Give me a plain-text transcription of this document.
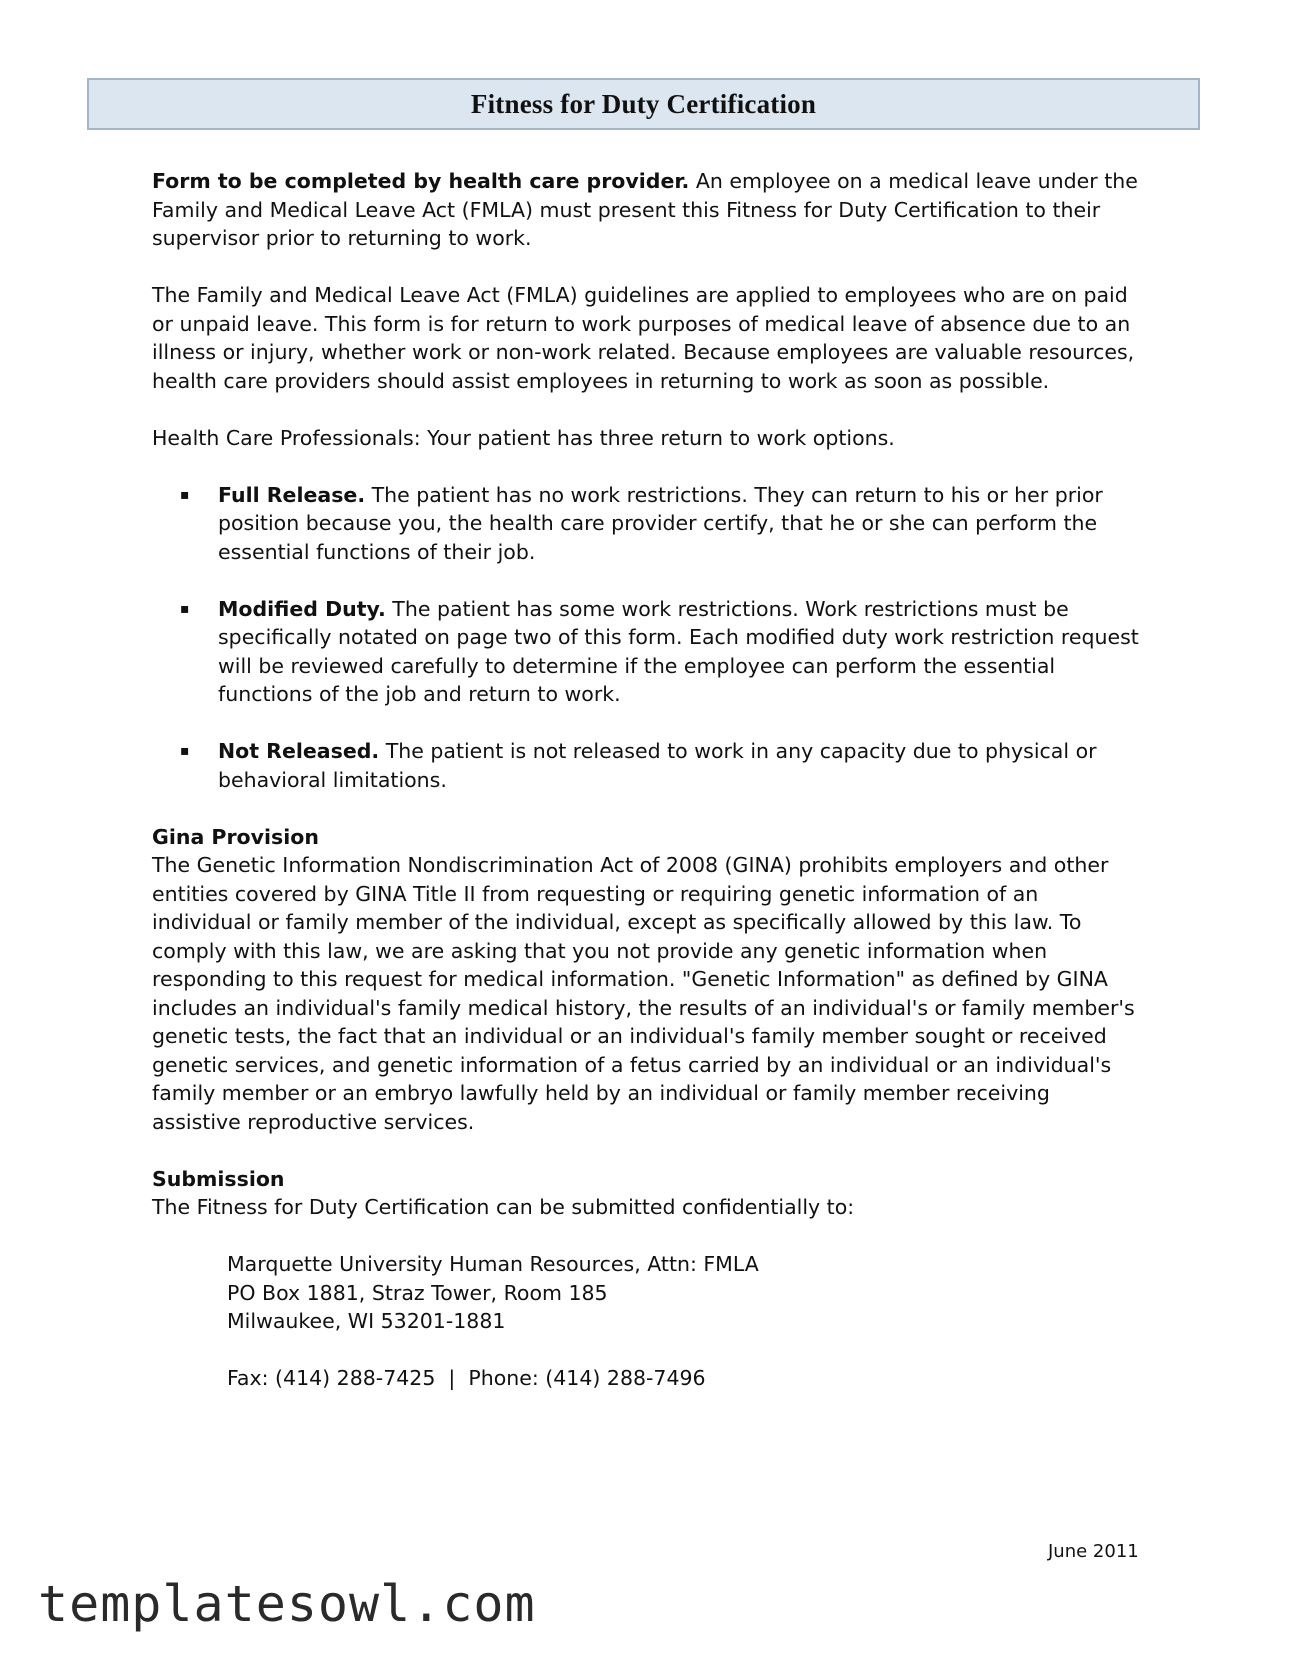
Fitness for Duty Certification

Form to be completed by health care provider. An employee on a medical leave under the Family and Medical Leave Act (FMLA) must present this Fitness for Duty Certification to their supervisor prior to returning to work.

The Family and Medical Leave Act (FMLA) guidelines are applied to employees who are on paid or unpaid leave. This form is for return to work purposes of medical leave of absence due to an illness or injury, whether work or non-work related. Because employees are valuable resources, health care providers should assist employees in returning to work as soon as possible.

Health Care Professionals: Your patient has three return to work options.

▪ Full Release. The patient has no work restrictions. They can return to his or her prior position because you, the health care provider certify, that he or she can perform the essential functions of their job.
▪ Modified Duty. The patient has some work restrictions. Work restrictions must be specifically notated on page two of this form. Each modified duty work restriction request will be reviewed carefully to determine if the employee can perform the essential functions of the job and return to work.
▪ Not Released. The patient is not released to work in any capacity due to physical or behavioral limitations.
Gina Provision
The Genetic Information Nondiscrimination Act of 2008 (GINA) prohibits employers and other entities covered by GINA Title II from requesting or requiring genetic information of an individual or family member of the individual, except as specifically allowed by this law. To comply with this law, we are asking that you not provide any genetic information when responding to this request for medical information. "Genetic Information" as defined by GINA includes an individual's family medical history, the results of an individual's or family member's genetic tests, the fact that an individual or an individual's family member sought or received genetic services, and genetic information of a fetus carried by an individual or an individual's family member or an embryo lawfully held by an individual or family member receiving assistive reproductive services.
Submission
The Fitness for Duty Certification can be submitted confidentially to:
Marquette University Human Resources, Attn: FMLA
PO Box 1881, Straz Tower, Room 185
Milwaukee, WI 53201-1881
Fax: (414) 288-7425  |  Phone: (414) 288-7496
June 2011
templatesowl.com
